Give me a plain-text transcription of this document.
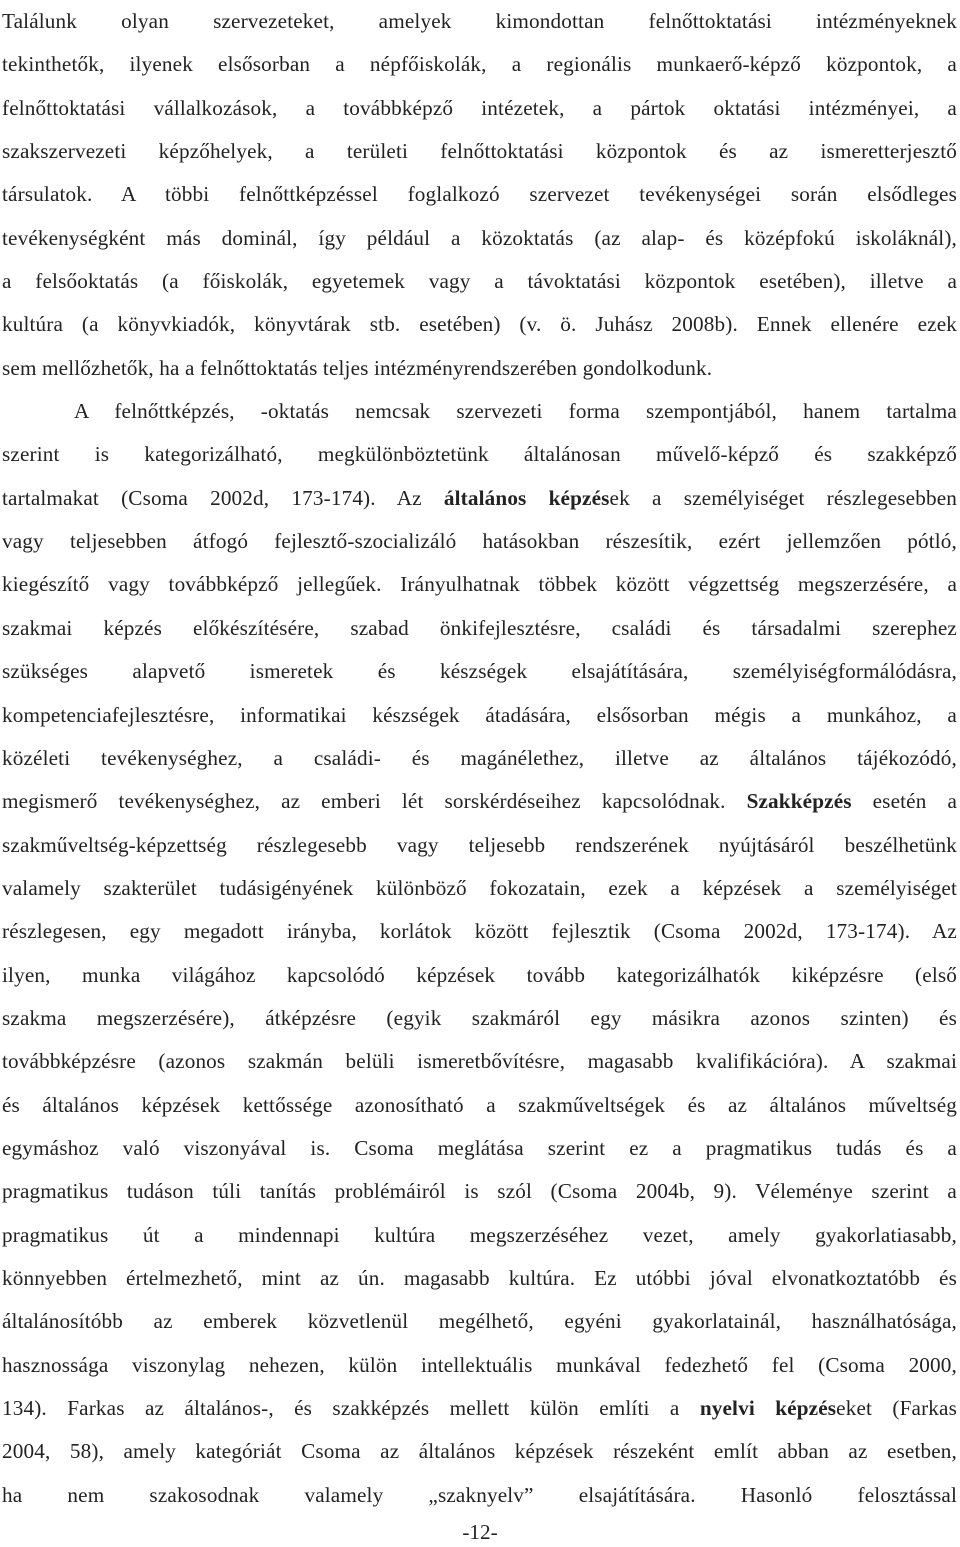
Találunk olyan szervezeteket, amelyek kimondottan felnőttoktatási intézményeknek
tekinthetők, ilyenek elsősorban a népfőiskolák, a regionális munkaerő-képző központok, a
felnőttoktatási vállalkozások, a továbbképző intézetek, a pártok oktatási intézményei, a
szakszervezeti képzőhelyek, a területi felnőttoktatási központok és az ismeretterjesztő
társulatok. A többi felnőttképzéssel foglalkozó szervezet tevékenységei során elsődleges
tevékenységként más dominál, így például a közoktatás (az alap- és középfokú iskoláknál),
a felsőoktatás (a főiskolák, egyetemek vagy a távoktatási központok esetében), illetve a
kultúra (a könyvkiadók, könyvtárak stb. esetében) (v. ö. Juhász 2008b). Ennek ellenére ezek
sem mellőzhetők, ha a felnőttoktatás teljes intézményrendszerében gondolkodunk.
A felnőttképzés, -oktatás nemcsak szervezeti forma szempontjából, hanem tartalma
szerint is kategorizálható, megkülönböztetünk általánosan művelő-képző és szakképző
tartalmakat (Csoma 2002d, 173-174). Az általános képzések a személyiséget részlegesebben
vagy teljesebben átfogó fejlesztő-szocializáló hatásokban részesítik, ezért jellemzően pótló,
kiegészítő vagy továbbképző jellegűek. Irányulhatnak többek között végzettség megszerzésére, a
szakmai képzés előkészítésére, szabad önkifejlesztésre, családi és társadalmi szerephez
szükséges alapvető ismeretek és készségek elsajátítására, személyiségformálódásra,
kompetenciafejlesztésre, informatikai készségek átadására, elsősorban mégis a munkához, a
közéleti tevékenységhez, a családi- és magánélethez, illetve az általános tájékozódó,
megismerő tevékenységhez, az emberi lét sorskérdéseihez kapcsolódnak. Szakképzés esetén a
szakműveltség-képzettség részlegesebb vagy teljesebb rendszerének nyújtásáról beszélhetünk
valamely szakterület tudásigényének különböző fokozatain, ezek a képzések a személyiséget
részlegesen, egy megadott irányba, korlátok között fejlesztik (Csoma 2002d, 173-174). Az
ilyen, munka világához kapcsolódó képzések tovább kategorizálhatók kiképzésre (első
szakma megszerzésére), átképzésre (egyik szakmáról egy másikra azonos szinten) és
továbbképzésre (azonos szakmán belüli ismeretbővítésre, magasabb kvalifikációra). A szakmai
és általános képzések kettőssége azonosítható a szakműveltségek és az általános műveltség
egymáshoz való viszonyával is. Csoma meglátása szerint ez a pragmatikus tudás és a
pragmatikus tudáson túli tanítás problémáiról is szól (Csoma 2004b, 9). Véleménye szerint a
pragmatikus út a mindennapi kultúra megszerzéséhez vezet, amely gyakorlatiasabb,
könnyebben értelmezhető, mint az ún. magasabb kultúra. Ez utóbbi jóval elvonatkoztatóbb és
általánosítóbb az emberek közvetlenül megélhető, egyéni gyakorlatainál, használhatósága,
hasznossága viszonylag nehezen, külön intellektuális munkával fedezhető fel (Csoma 2000,
134). Farkas az általános-, és szakképzés mellett külön említi a nyelvi képzéseket (Farkas
2004, 58), amely kategóriát Csoma az általános képzések részeként említ abban az esetben,
ha nem szakosodnak valamely „szaknyelv” elsajátítására. Hasonló felosztással
-12-
